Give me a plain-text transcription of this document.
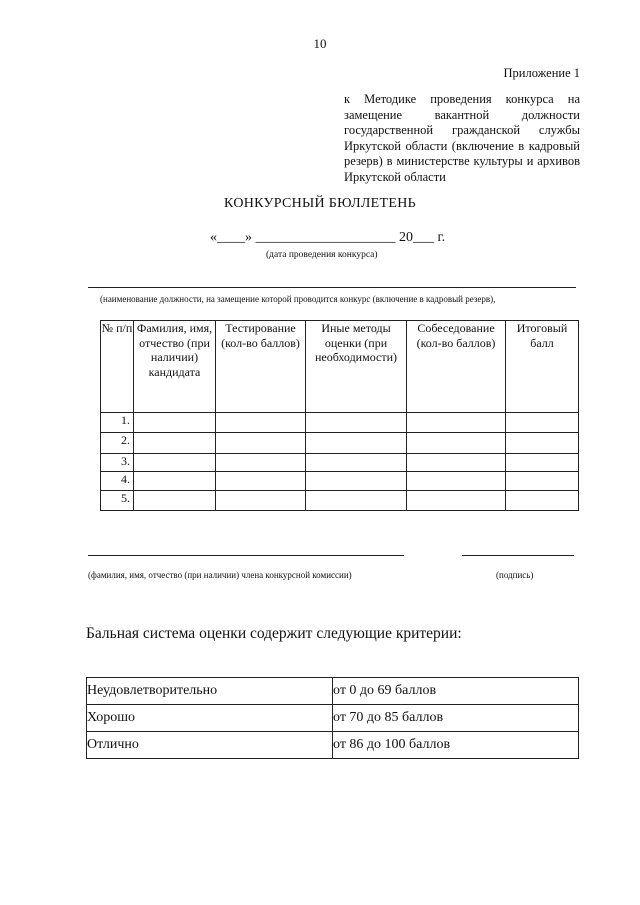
10
Приложение 1
к Методике проведения конкурса на замещение вакантной должности государственной гражданской службы Иркутской области (включение в кадровый резерв) в министерстве культуры и архивов Иркутской области
КОНКУРСНЫЙ БЮЛЛЕТЕНЬ
«____» ____________________ 20___ г.
(дата проведения конкурса)
(наименование должности, на замещение которой проводится конкурс (включение в кадровый резерв),
№ п/п	Фамилия, имя, отчество (при наличии) кандидата	Тестирование (кол-во баллов)	Иные методы оценки (при необходимости)	Собеседование (кол-во баллов)	Итоговый балл
1.					
2.					
3.					
4.					
5.					
(фамилия, имя, отчество (при наличии) члена конкурсной комиссии)	(подпись)
Бальная система оценки содержит следующие критерии:
Неудовлетворительно	от 0 до 69 баллов
Хорошо	от 70 до 85 баллов
Отлично	от 86 до 100 баллов
